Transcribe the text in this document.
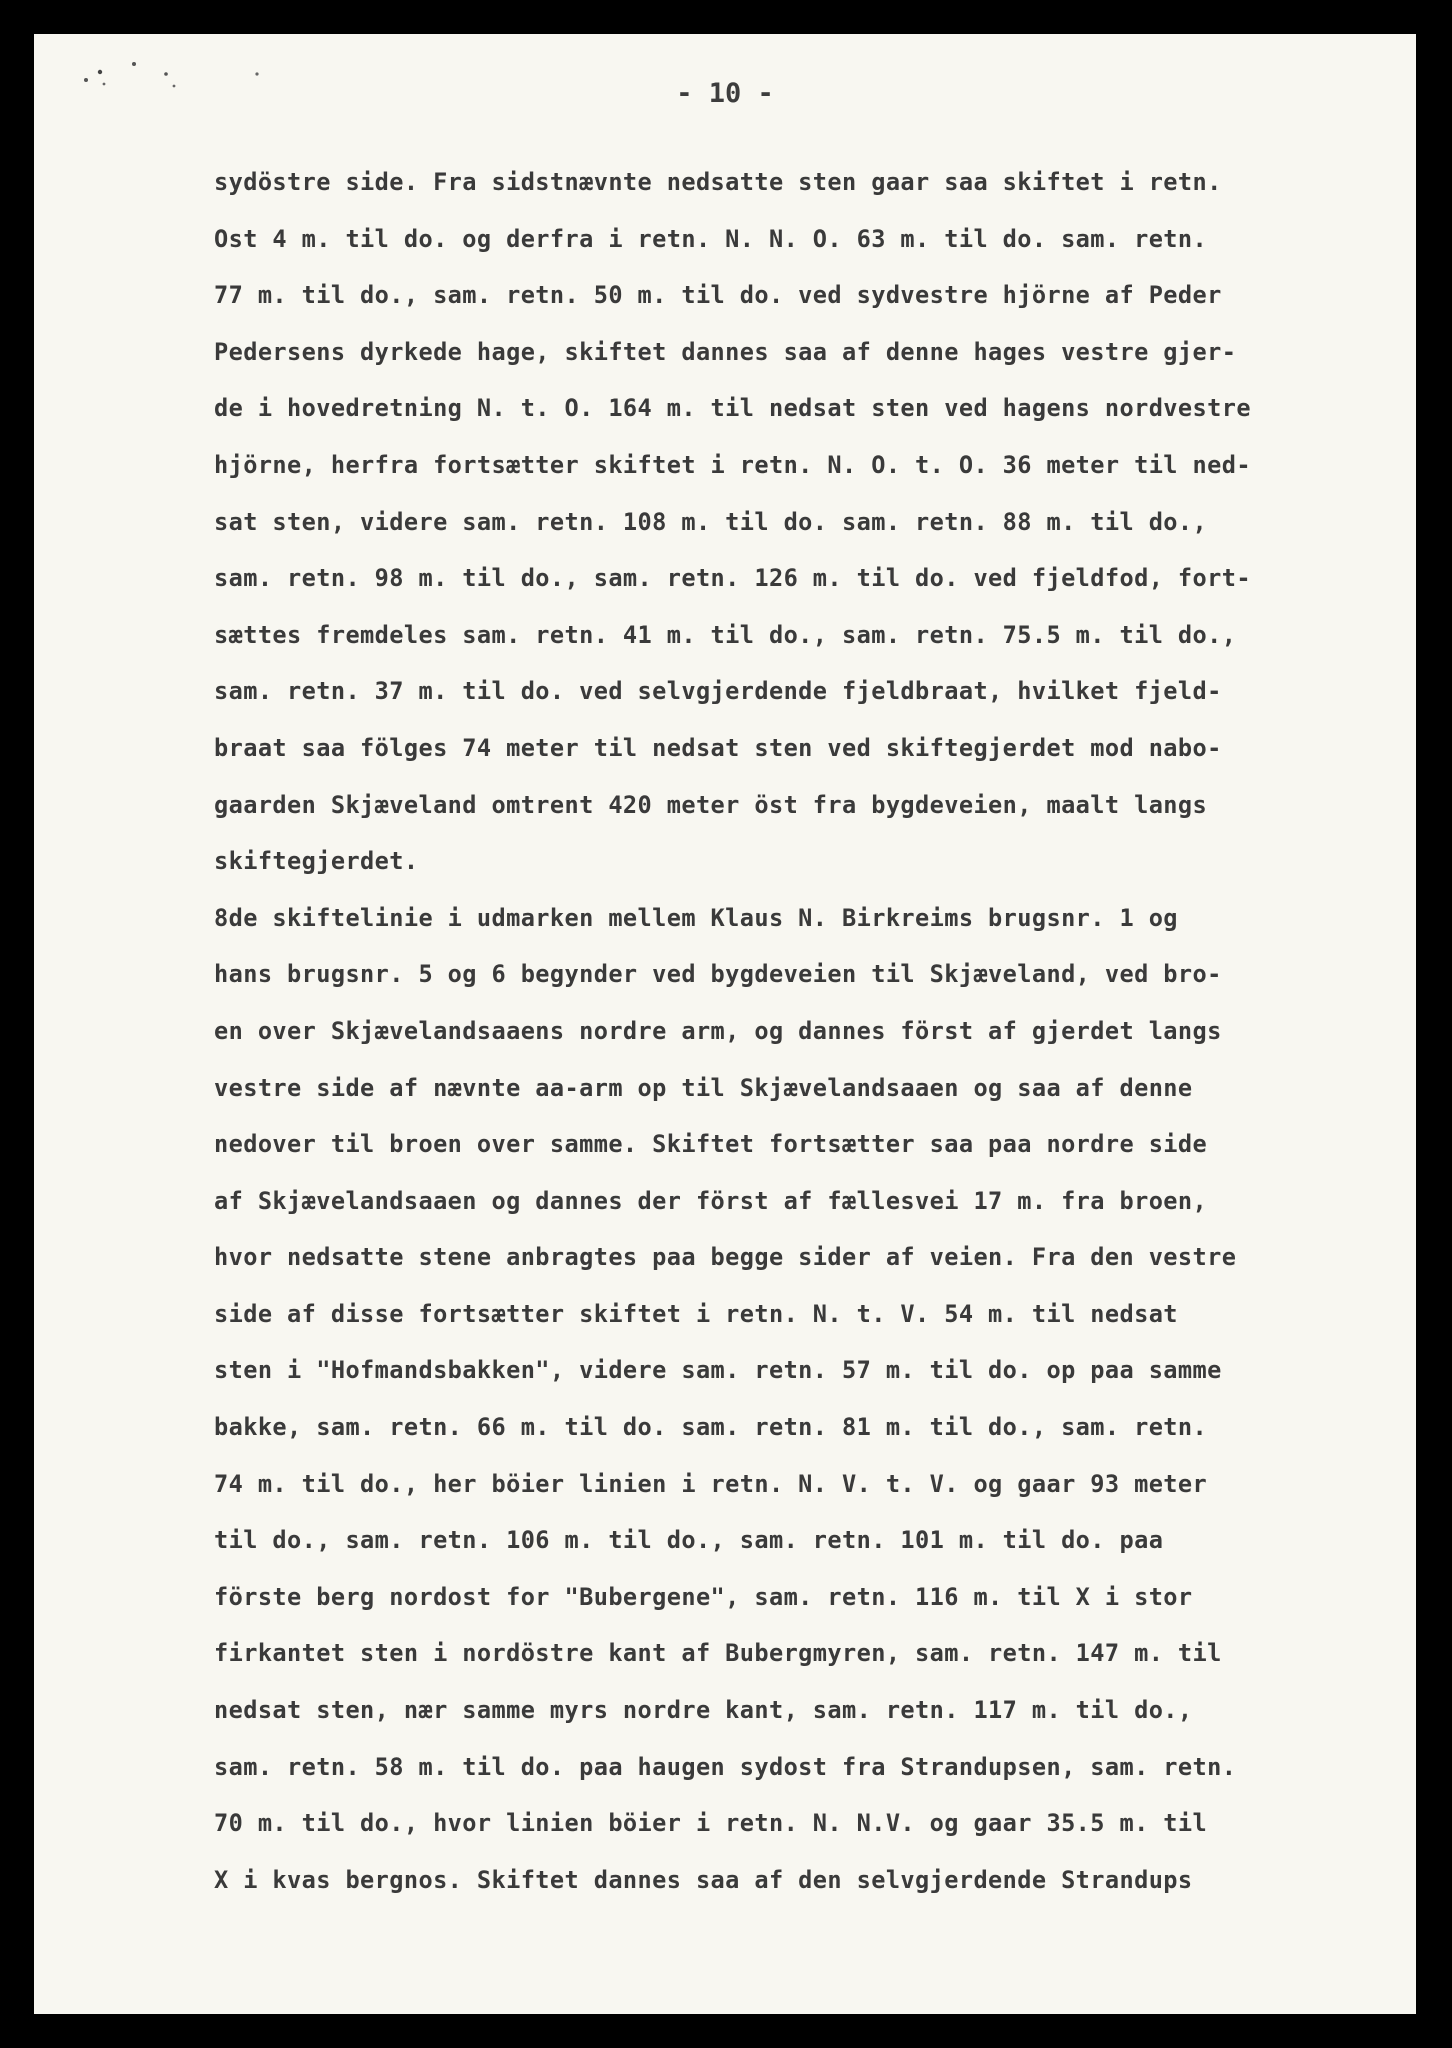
- 10 -
sydöstre side. Fra sidstnævnte nedsatte sten gaar saa skiftet i retn.
Ost 4 m. til do. og derfra i retn. N. N. O. 63 m. til do. sam. retn.
77 m. til do., sam. retn. 50 m. til do. ved sydvestre hjörne af Peder
Pedersens dyrkede hage, skiftet dannes saa af denne hages vestre gjer-
de i hovedretning N. t. O. 164 m. til nedsat sten ved hagens nordvestre
hjörne, herfra fortsætter skiftet i retn. N. O. t. O. 36 meter til ned-
sat sten, videre sam. retn. 108 m. til do. sam. retn. 88 m. til do.,
sam. retn. 98 m. til do., sam. retn. 126 m. til do. ved fjeldfod, fort-
sættes fremdeles sam. retn. 41 m. til do., sam. retn. 75.5 m. til do.,
sam. retn. 37 m. til do. ved selvgjerdende fjeldbraat, hvilket fjeld-
braat saa fölges 74 meter til nedsat sten ved skiftegjerdet mod nabo-
gaarden Skjæveland omtrent 420 meter öst fra bygdeveien, maalt langs
skiftegjerdet.
8de skiftelinie i udmarken mellem Klaus N. Birkreims brugsnr. 1 og
hans brugsnr. 5 og 6 begynder ved bygdeveien til Skjæveland, ved bro-
en over Skjævelandsaaens nordre arm, og dannes först af gjerdet langs
vestre side af nævnte aa-arm op til Skjævelandsaaen og saa af denne
nedover til broen over samme. Skiftet fortsætter saa paa nordre side
af Skjævelandsaaen og dannes der först af fællesvei 17 m. fra broen,
hvor nedsatte stene anbragtes paa begge sider af veien. Fra den vestre
side af disse fortsætter skiftet i retn. N. t. V. 54 m. til nedsat
sten i "Hofmandsbakken", videre sam. retn. 57 m. til do. op paa samme
bakke, sam. retn. 66 m. til do. sam. retn. 81 m. til do., sam. retn.
74 m. til do., her böier linien i retn. N. V. t. V. og gaar 93 meter
til do., sam. retn. 106 m. til do., sam. retn. 101 m. til do. paa
förste berg nordost for "Bubergene", sam. retn. 116 m. til X i stor
firkantet sten i nordöstre kant af Bubergmyren, sam. retn. 147 m. til
nedsat sten, nær samme myrs nordre kant, sam. retn. 117 m. til do.,
sam. retn. 58 m. til do. paa haugen sydost fra Strandupsen, sam. retn.
70 m. til do., hvor linien böier i retn. N. N.V. og gaar 35.5 m. til
X i kvas bergnos. Skiftet dannes saa af den selvgjerdende Strandups
